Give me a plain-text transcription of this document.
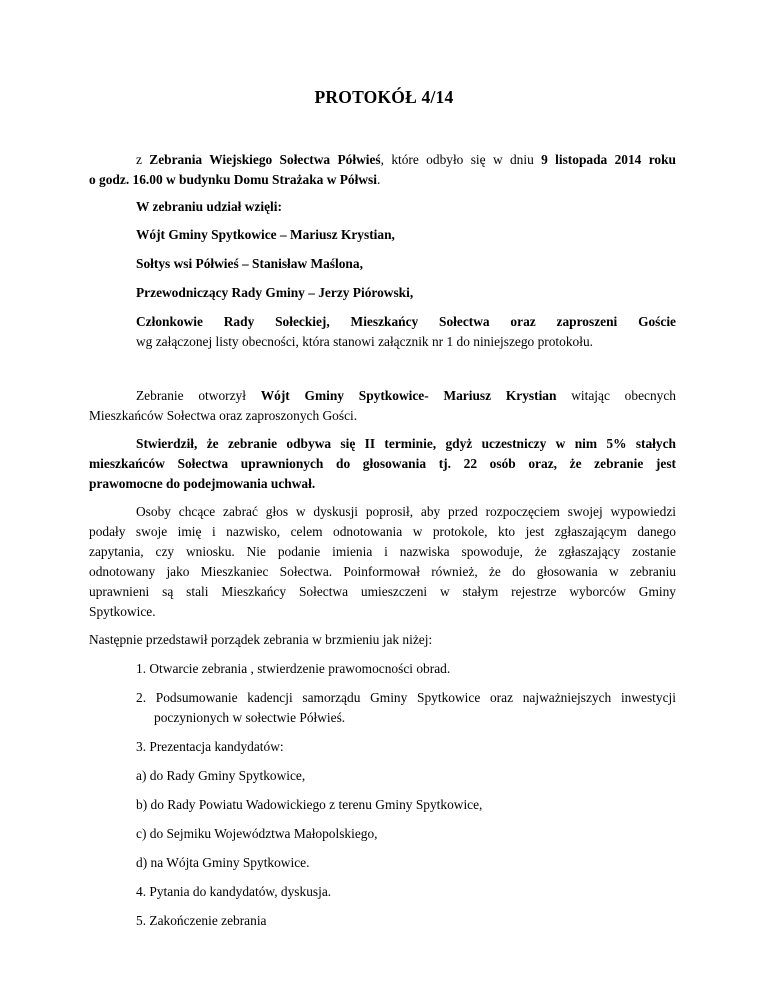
PROTOKÓŁ 4/14
z Zebrania Wiejskiego Sołectwa Półwieś, które odbyło się w dniu 9 listopada 2014 roku
o godz. 16.00 w budynku Domu Strażaka w Półwsi.
W zebraniu udział wzięli:
Wójt Gminy Spytkowice – Mariusz Krystian,
Sołtys wsi Półwieś – Stanisław Maślona,
Przewodniczący Rady Gminy – Jerzy Piórowski,
Członkowie Rady Sołeckiej, Mieszkańcy Sołectwa oraz zaproszeni Goście
wg załączonej listy obecności, która stanowi załącznik nr 1 do niniejszego protokołu.
Zebranie otworzył Wójt Gminy Spytkowice- Mariusz Krystian witając obecnych
Mieszkańców Sołectwa oraz zaproszonych Gości.
Stwierdził, że zebranie odbywa się II terminie, gdyż uczestniczy w nim 5% stałych
mieszkańców Sołectwa uprawnionych do głosowania tj. 22 osób oraz, że zebranie jest
prawomocne do podejmowania uchwał.
Osoby chcące zabrać głos w dyskusji poprosił, aby przed rozpoczęciem swojej wypowiedzi
podały swoje imię i nazwisko, celem odnotowania w protokole, kto jest zgłaszającym danego
zapytania, czy wniosku. Nie podanie imienia i nazwiska spowoduje, że zgłaszający zostanie
odnotowany jako Mieszkaniec Sołectwa. Poinformował również, że do głosowania w zebraniu
uprawnieni są stali Mieszkańcy Sołectwa umieszczeni w stałym rejestrze wyborców Gminy
Spytkowice.
Następnie przedstawił porządek zebrania w brzmieniu jak niżej:
1. Otwarcie zebrania , stwierdzenie prawomocności obrad.
2. Podsumowanie kadencji samorządu Gminy Spytkowice oraz najważniejszych inwestycji
poczynionych w sołectwie Półwieś.
3. Prezentacja kandydatów:
a) do Rady Gminy Spytkowice,
b) do Rady Powiatu Wadowickiego z terenu Gminy Spytkowice,
c) do Sejmiku Województwa Małopolskiego,
d) na Wójta Gminy Spytkowice.
4. Pytania do kandydatów, dyskusja.
5. Zakończenie zebrania
